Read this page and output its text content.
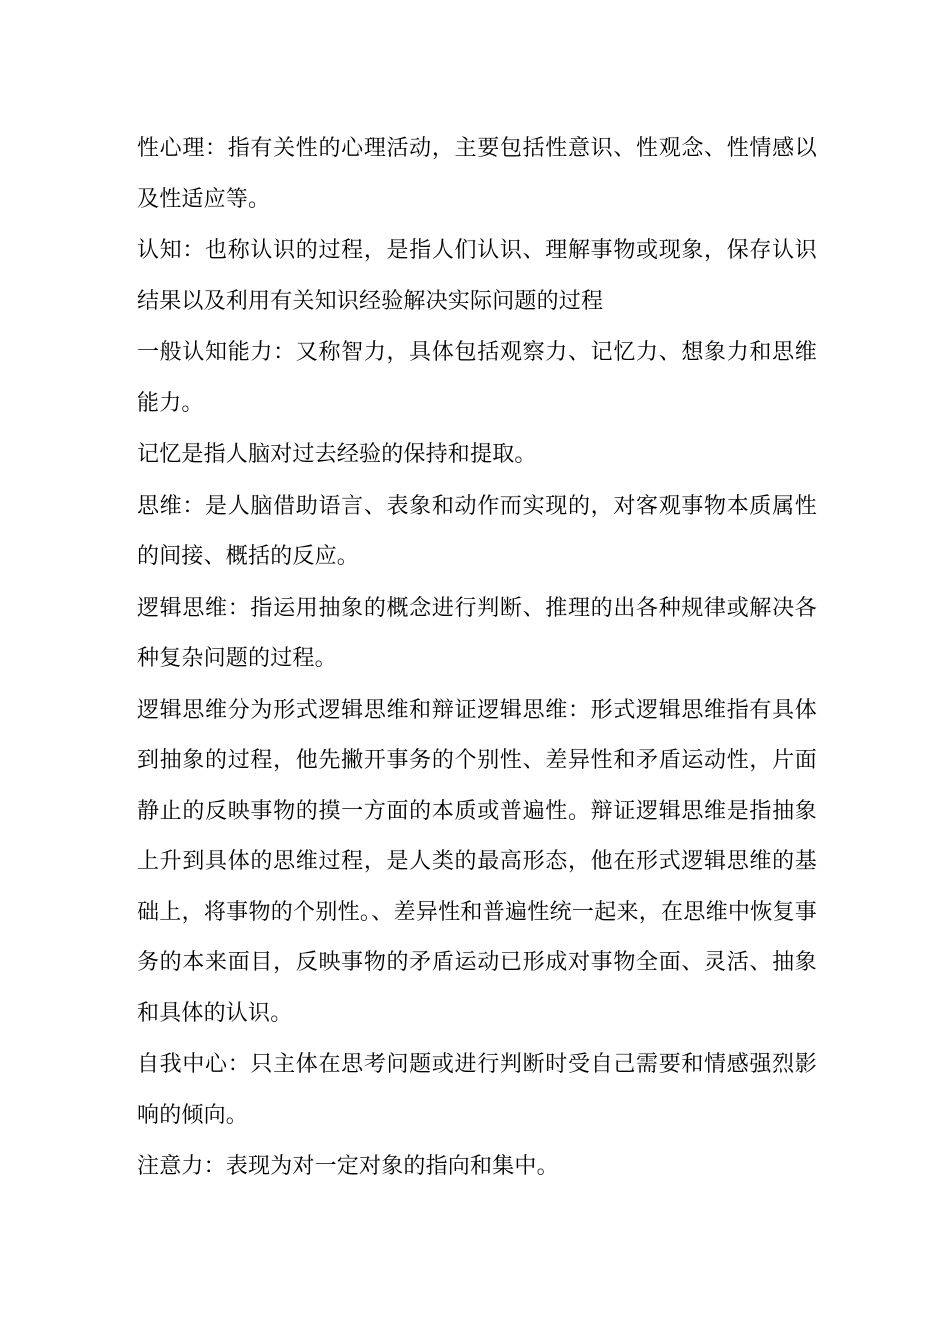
性心理：指有关性的心理活动，主要包括性意识、性观念、性情感以及性适应等。

认知：也称认识的过程，是指人们认识、理解事物或现象，保存认识结果以及利用有关知识经验解决实际问题的过程

一般认知能力：又称智力，具体包括观察力、记忆力、想象力和思维能力。

记忆是指人脑对过去经验的保持和提取。

思维：是人脑借助语言、表象和动作而实现的，对客观事物本质属性的间接、概括的反应。

逻辑思维：指运用抽象的概念进行判断、推理的出各种规律或解决各种复杂问题的过程。

逻辑思维分为形式逻辑思维和辩证逻辑思维：形式逻辑思维指有具体到抽象的过程，他先撇开事务的个别性、差异性和矛盾运动性，片面静止的反映事物的摸一方面的本质或普遍性。辩证逻辑思维是指抽象上升到具体的思维过程，是人类的最高形态，他在形式逻辑思维的基础上，将事物的个别性。、差异性和普遍性统一起来，在思维中恢复事务的本来面目，反映事物的矛盾运动已形成对事物全面、灵活、抽象和具体的认识。

自我中心：只主体在思考问题或进行判断时受自己需要和情感强烈影响的倾向。

注意力：表现为对一定对象的指向和集中。
